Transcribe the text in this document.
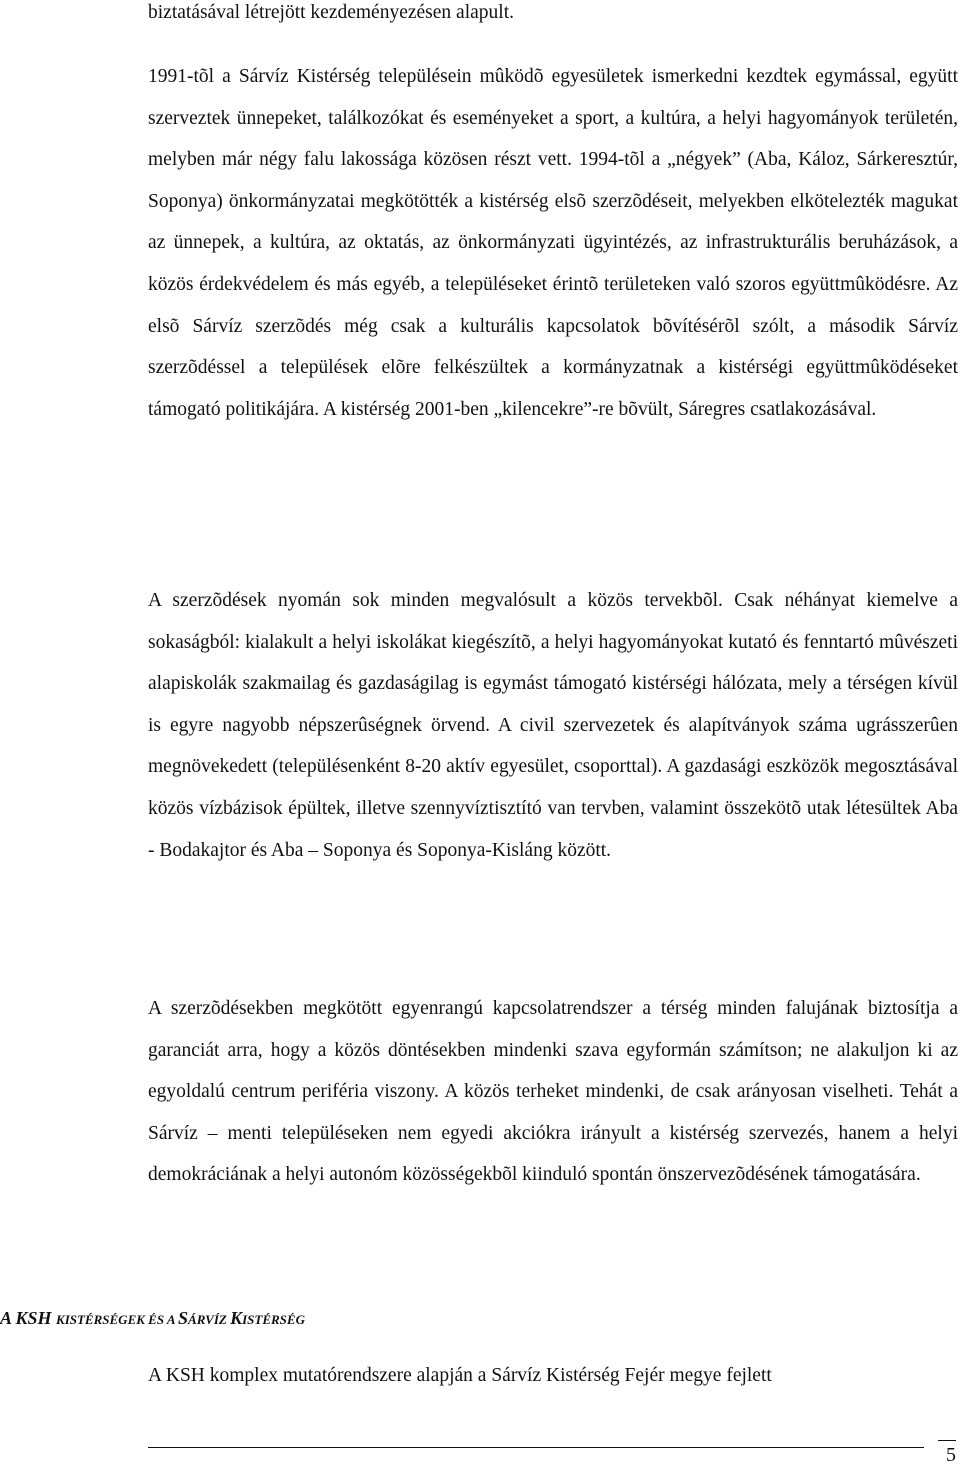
biztatásával létrejött kezdeményezésen alapult.

1991-tõl a Sárvíz Kistérség településein mûködõ egyesületek ismerkedni kezdtek egymással, együtt szerveztek ünnepeket, találkozókat és eseményeket a sport, a kultúra, a helyi hagyományok területén, melyben már négy falu lakossága közösen részt vett. 1994-tõl a „négyek” (Aba, Káloz, Sárkeresztúr, Soponya) önkormányzatai megkötötték a kistérség elsõ szerzõdéseit, melyekben elkötelezték magukat az ünnepek, a kultúra, az oktatás, az önkormányzati ügyintézés, az infrastrukturális beruházások, a közös érdekvédelem és más egyéb, a településeket érintõ területeken való szoros együttmûködésre. Az elsõ Sárvíz szerzõdés még csak a kulturális kapcsolatok bõvítésérõl szólt, a második Sárvíz szerzõdéssel a települések elõre felkészültek a kormányzatnak a kistérségi együttmûködéseket támogató politikájára. A kistérség 2001-ben „kilencekre”-re bõvült, Sáregres csatlakozásával.

A szerzõdések nyomán sok minden megvalósult a közös tervekbõl. Csak néhányat kiemelve a sokaságból: kialakult a helyi iskolákat kiegészítõ, a helyi hagyományokat kutató és fenntartó mûvészeti alapiskolák szakmailag és gazdaságilag is egymást támogató kistérségi hálózata, mely a térségen kívül is egyre nagyobb népszerûségnek örvend. A civil szervezetek és alapítványok száma ugrásszerûen megnövekedett (településenként 8-20 aktív egyesület, csoporttal). A gazdasági eszközök megosztásával közös vízbázisok épültek, illetve szennyvíztisztító van tervben, valamint összekötõ utak létesültek Aba - Bodakajtor és Aba – Soponya és Soponya-Kisláng között.

A szerzõdésekben megkötött egyenrangú kapcsolatrendszer a térség minden falujának biztosítja a garanciát arra, hogy a közös döntésekben mindenki szava egyformán számítson; ne alakuljon ki az egyoldalú centrum periféria viszony. A közös terheket mindenki, de csak arányosan viselheti. Tehát a Sárvíz – menti településeken nem egyedi akciókra irányult a kistérség szervezés, hanem a helyi demokráciának a helyi autonóm közösségekbõl kiinduló spontán önszervezõdésének támogatására.

A KSH KISTÉRSÉGEK ÉS A SÁRVÍZ KISTÉRSÉG

A KSH komplex mutatórendszere alapján a Sárvíz Kistérség Fejér megye fejlett

5
